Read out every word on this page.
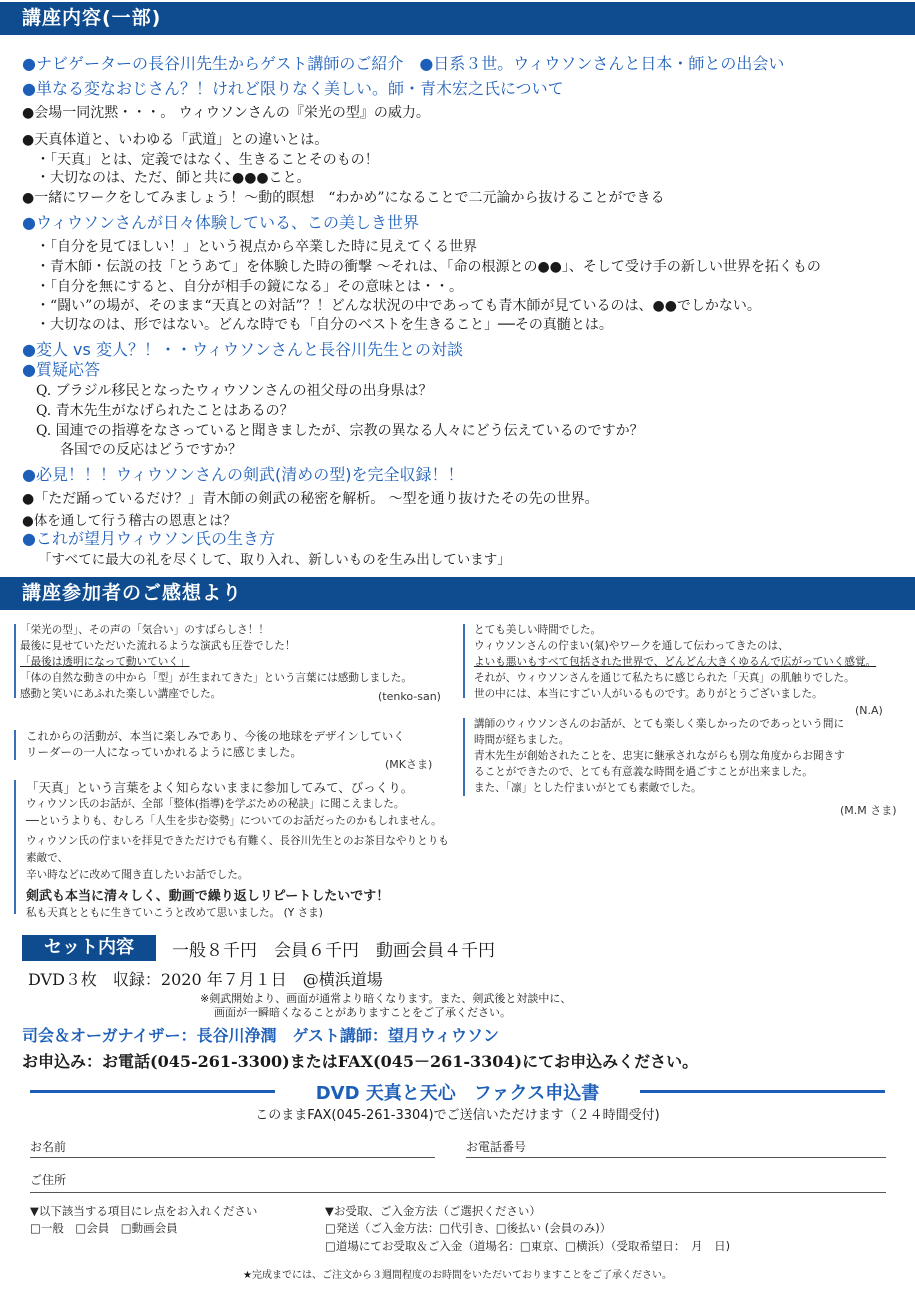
講座内容(一部)
●ナビゲーターの長谷川先生からゲスト講師のご紹介　●日系３世。ウィウソンさんと日本・師との出会い
●単なる変なおじさん？！けれど限りなく美しい。師・青木宏之氏について
●会場一同沈黙・・・。 ウィウソンさんの『栄光の型』の威力。
●天真体道と、いわゆる「武道」との違いとは。
・「天真」とは、定義ではなく、生きることそのもの！
・大切なのは、ただ、師と共に●●●こと。
●一緒にワークをしてみましょう！〜動的瞑想　“わかめ”になることで二元論から抜けることができる
●ウィウソンさんが日々体験している、この美しき世界
・「自分を見てほしい！」という視点から卒業した時に見えてくる世界
・青木師・伝説の技「とうあて」を体験した時の衝撃 〜それは、「命の根源との●●」、そして受け手の新しい世界を拓くもの
・「自分を無にすると、自分が相手の鏡になる」その意味とは・・。
・“闘い”の場が、そのまま“天真との対話”？！どんな状況の中であっても青木師が見ているのは、●●でしかない。
・大切なのは、形ではない。どんな時でも「自分のベストを生きること」──その真髄とは。
●変人 vs 変人？！・・ウィウソンさんと長谷川先生との対談
●質疑応答
Q. ブラジル移民となったウィウソンさんの祖父母の出身県は？
Q. 青木先生がなげられたことはあるの？
Q. 国連での指導をなさっていると聞きましたが、宗教の異なる人々にどう伝えているのですか？
各国での反応はどうですか？
●必見！！！ウィウソンさんの剣武(清めの型)を完全収録！！
●「ただ踊っているだけ？」青木師の剣武の秘密を解析。 〜型を通り抜けたその先の世界。
●体を通して行う稽古の恩恵とは？
●これが望月ウィウソン氏の生き方
「すべてに最大の礼を尽くして、取り入れ、新しいものを生み出しています」
講座参加者のご感想より
「栄光の型」、その声の「気合い」のすばらしさ！！
最後に見せていただいた流れるような演武も圧巻でした！
「最後は透明になって動いていく」
「体の自然な動きの中から「型」が生まれてきた」という言葉には感動しました。
感動と笑いにあふれた楽しい講座でした。	(tenko-san)
とても美しい時間でした。
ウィウソンさんの佇まい(氣)やワークを通して伝わってきたのは、
よいも悪いもすべて包括された世界で、どんどん大きくゆるんで広がっていく感覚。
それが、ウィウソンさんを通じて私たちに感じられた「天真」の肌触りでした。
世の中には、本当にすごい人がいるものです。ありがとうございました。
(N.A)
これからの活動が、本当に楽しみであり、今後の地球をデザインしていく
リーダーの一人になっていかれるように感じました。
(MKさま)
講師のウィウソンさんのお話が、とても楽しく楽しかったのであっという間に
時間が経ちました。
青木先生が創始されたことを、忠実に継承されながらも別な角度からお聞きす
ることができたので、とても有意義な時間を過ごすことが出来ました。
また、「凛」とした佇まいがとても素敵でした。
(M.M さま)
「天真」という言葉をよく知らないままに参加してみて、びっくり。
ウィウソン氏のお話が、全部「整体(指導)を学ぶための秘訣」に聞こえました。
──というよりも、むしろ「人生を歩む姿勢」についてのお話だったのかもしれません。
ウィウソン氏の佇まいを拝見できただけでも有難く、長谷川先生とのお茶目なやりとりも素敵で、
辛い時などに改めて聞き直したいお話でした。
剣武も本当に清々しく、動画で繰り返しリピートしたいです！
私も天真とともに生きていこうと改めて思いました。 (Y さま)
セット内容	一般８千円　会員６千円　動画会員４千円
DVD３枚　収録：2020 年７月１日　@横浜道場
※剣武開始より、画面が通常より暗くなります。また、剣武後と対談中に、
画面が一瞬暗くなることがありますことをご了承ください。
司会＆オーガナイザー：長谷川浄潤　ゲスト講師：望月ウィウソン
お申込み：お電話(045-261-3300)またはFAX(045－261-3304)にてお申込みください。
DVD 天真と天心　ファクス申込書
このままFAX(045-261-3304)でご送信いただけます（２４時間受付)
お名前	お電話番号
ご住所
▼以下該当する項目にレ点をお入れください
□一般　□会員　□動画会員
▼お受取、ご入金方法（ご選択ください）
□発送（ご入金方法：□代引き、□後払い (会員のみ)）
□道場にてお受取＆ご入金（道場名：□東京、□横浜）（受取希望日：　月　日)
★完成までには、ご注文から３週間程度のお時間をいただいておりますことをご了承ください。
